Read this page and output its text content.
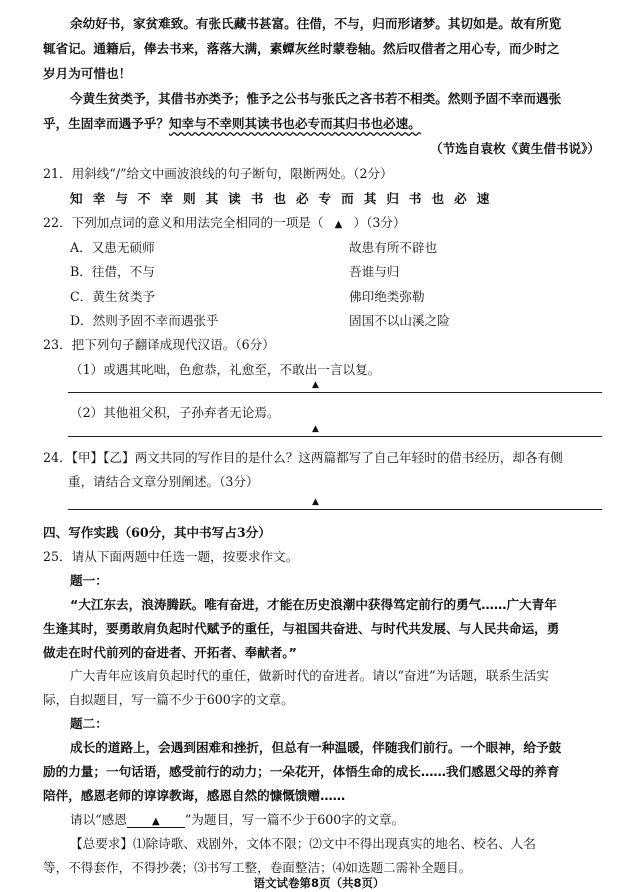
余幼好书，家贫难致。有张氏藏书甚富。往借，不与，归而形诸梦。其切如是。故有所览
辄省记。通籍后，俸去书来，落落大满，素蟫灰丝时蒙卷轴。然后叹借者之用心专，而少时之
岁月为可惜也！
今黄生贫类予，其借书亦类予；惟予之公书与张氏之吝书若不相类。然则予固不幸而遇张
乎，生固幸而遇予乎？知幸与不幸则其读书也必专而其归书也必速。
（节选自袁枚《黄生借书说》）
21．用斜线“/”给文中画波浪线的句子断句，限断两处。（2分）
知幸与不幸则其读书也必专而其归书也必速
22．下列加点词的意义和用法完全相同的一项是（ ▲ ）（3分）
A．又患无硕师	故患有所不辟也
B．往借，不与	吾谁与归
C．黄生贫类予	佛印绝类弥勒
D．然则予固不幸而遇张乎	固国不以山溪之险
23．把下列句子翻译成现代汉语。（6分）
（1）或遇其叱咄，色愈恭，礼愈至，不敢出一言以复。
▲
（2）其他祖父积，子孙弃者无论焉。
▲
24．【甲】【乙】两文共同的写作目的是什么？这两篇都写了自己年轻时的借书经历，却各有侧
重，请结合文章分别阐述。（3分）
▲
四、写作实践（60分，其中书写占3分）
25．请从下面两题中任选一题，按要求作文。
题一：
“大江东去，浪涛腾跃。唯有奋进，才能在历史浪潮中获得笃定前行的勇气……广大青年
生逢其时，要勇敢肩负起时代赋予的重任，与祖国共奋进、与时代共发展、与人民共命运，勇
做走在时代前列的奋进者、开拓者、奉献者。”
广大青年应该肩负起时代的重任，做新时代的奋进者。请以“奋进”为话题，联系生活实
际，自拟题目，写一篇不少于600字的文章。
题二：
成长的道路上，会遇到困难和挫折，但总有一种温暖，伴随我们前行。一个眼神，给予鼓
励的力量；一句话语，感受前行的动力；一朵花开，体悟生命的成长……我们感恩父母的养育
陪伴，感恩老师的谆谆教诲，感恩自然的慷慨馈赠……
请以“感恩	▲ ”为题目，写一篇不少于600字的文章。
【总要求】⑴除诗歌、戏剧外，文体不限；⑵文中不得出现真实的地名、校名、人名
等，不得套作，不得抄袭；⑶书写工整，卷面整洁；⑷如选题二需补全题目。
语文试卷第8页（共8页）
